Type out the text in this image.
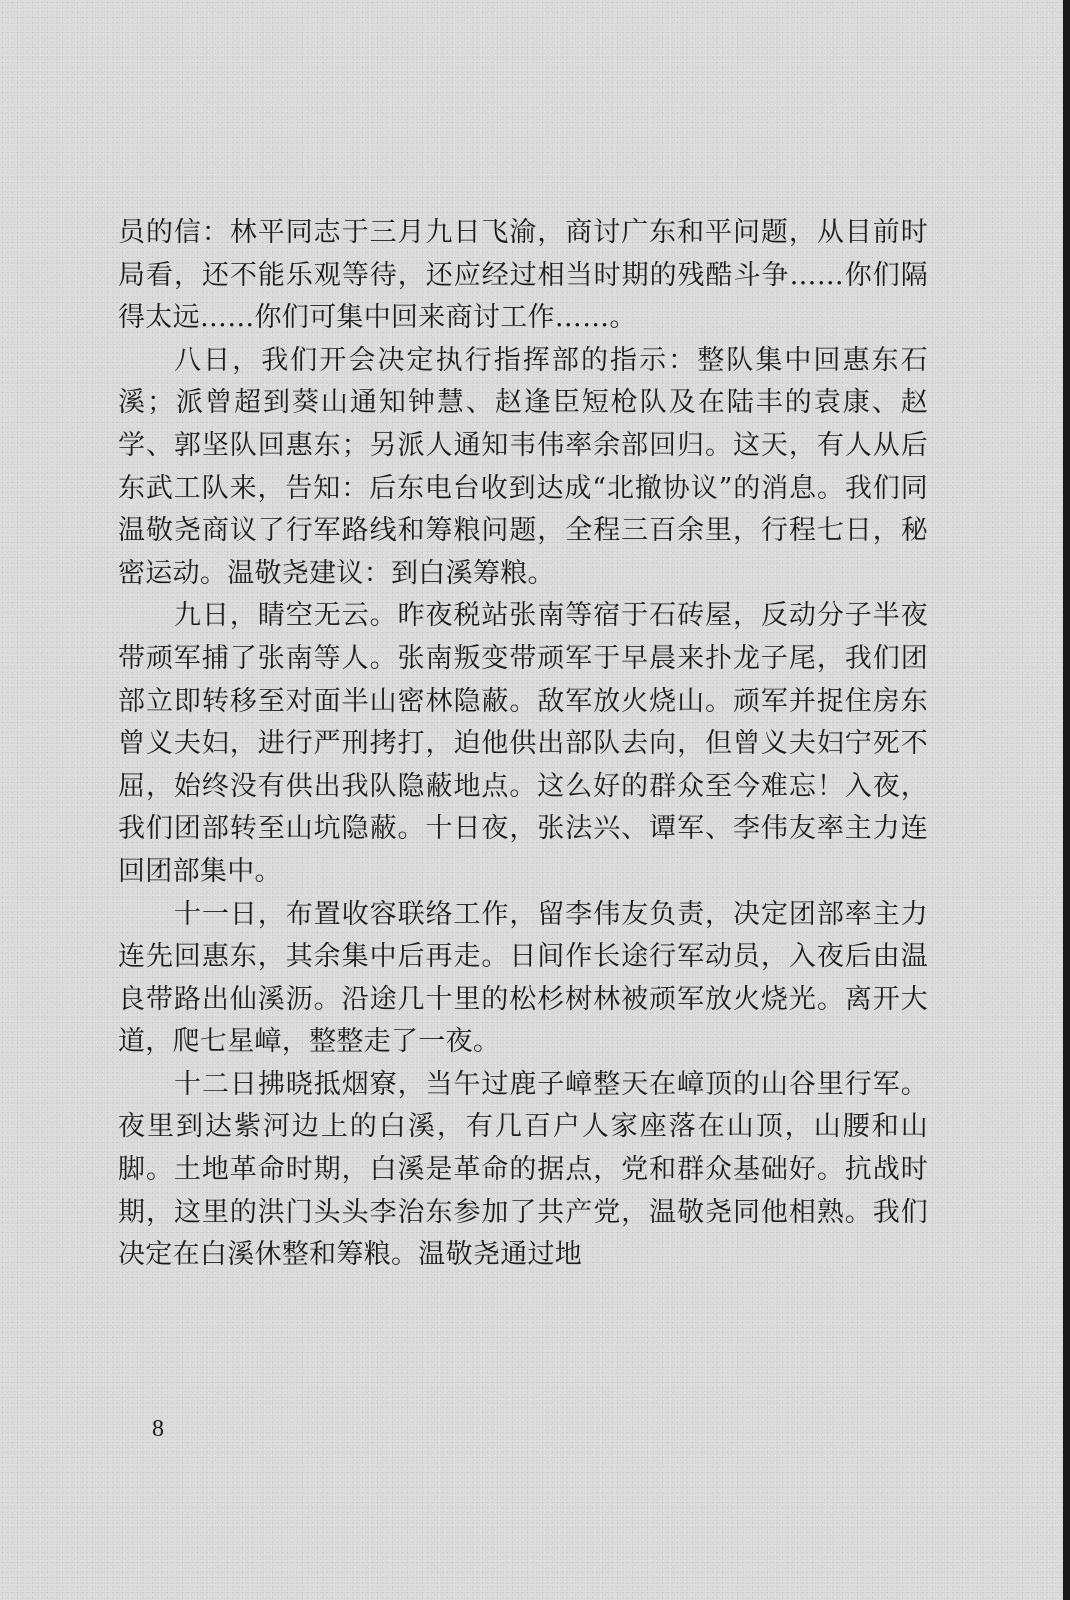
员的信：林平同志于三月九日飞渝，商讨广东和平问题，从目前时局看，还不能乐观等待，还应经过相当时期的残酷斗争……你们隔得太远……你们可集中回来商讨工作……。

八日，我们开会决定执行指挥部的指示：整队集中回惠东石溪；派曾超到葵山通知钟慧、赵逢臣短枪队及在陆丰的袁康、赵学、郭坚队回惠东；另派人通知韦伟率余部回归。这天，有人从后东武工队来，告知：后东电台收到达成“北撤协议”的消息。我们同温敬尧商议了行军路线和筹粮问题，全程三百余里，行程七日，秘密运动。温敬尧建议：到白溪筹粮。

九日，睛空无云。昨夜税站张南等宿于石砖屋，反动分子半夜带顽军捕了张南等人。张南叛变带顽军于早晨来扑龙子尾，我们团部立即转移至对面半山密林隐蔽。敌军放火烧山。顽军并捉住房东曾义夫妇，进行严刑拷打，迫他供出部队去向，但曾义夫妇宁死不屈，始终没有供出我队隐蔽地点。这么好的群众至今难忘！入夜，我们团部转至山坑隐蔽。十日夜，张法兴、谭军、李伟友率主力连回团部集中。

十一日，布置收容联络工作，留李伟友负责，决定团部率主力连先回惠东，其余集中后再走。日间作长途行军动员，入夜后由温良带路出仙溪沥。沿途几十里的松杉树林被顽军放火烧光。离开大道，爬七星嶂，整整走了一夜。

十二日拂晓抵烟寮，当午过鹿子嶂整天在嶂顶的山谷里行军。夜里到达紫河边上的白溪，有几百户人家座落在山顶，山腰和山脚。土地革命时期，白溪是革命的据点，党和群众基础好。抗战时期，这里的洪门头头李治东参加了共产党，温敬尧同他相熟。我们决定在白溪休整和筹粮。温敬尧通过地

8
